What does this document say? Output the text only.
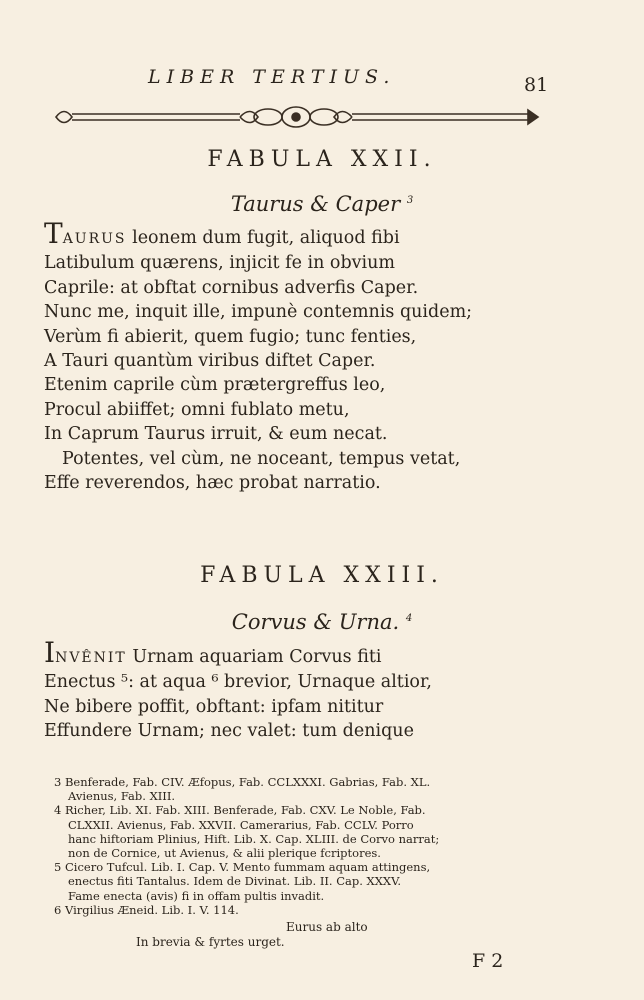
LIBER TERTIUS.	81
FABULA XXII.
Taurus & Caper $^3$
TAURUS leonem dum fugit, aliquod fibi
Latibulum quærens, injicit fe in obvium
Caprile: at obftat cornibus adverfis Caper.
Nunc me, inquit ille, impunè contemnis quidem;
Verùm fi abierit, quem fugio; tunc fenties,
A Tauri quantùm viribus diftet Caper.
Etenim caprile cùm prætergreffus leo,
Procul abiiffet; omni fublato metu,
In Caprum Taurus irruit, & eum necat.
Potentes, vel cùm, ne noceant, tempus vetat,
Effe reverendos, hæc probat narratio.
FABULA XXIII.
Corvus & Urna. $^4$
INVÊNIT Urnam aquariam Corvus fiti
Enectus ⁵: at aqua ⁶ brevior, Urnaque altior,
Ne bibere poffit, obftant: ipfam nititur
Effundere Urnam; nec valet: tum denique
3 Benferade, Fab. CIV. Æfopus, Fab. CCLXXXI. Gabrias, Fab. XL.
Avienus, Fab. XIII.
4 Richer, Lib. XI. Fab. XIII. Benferade, Fab. CXV. Le Noble, Fab.
CLXXII. Avienus, Fab. XXVII. Camerarius, Fab. CCLV. Porro
hanc hiftoriam Plinius, Hift. Lib. X. Cap. XLIII. de Corvo narrat;
non de Cornice, ut Avienus, & alii plerique fcriptores.
5 Cicero Tufcul. Lib. I. Cap. V. Mento fummam aquam attingens,
enectus fiti Tantalus. Idem de Divinat. Lib. II. Cap. XXXV.
Fame enecta (avis) fi in offam pultis invadit.
6 Virgilius Æneid. Lib. I. V. 114.
Eurus ab alto
In brevia & fyrtes urget.
F 2
